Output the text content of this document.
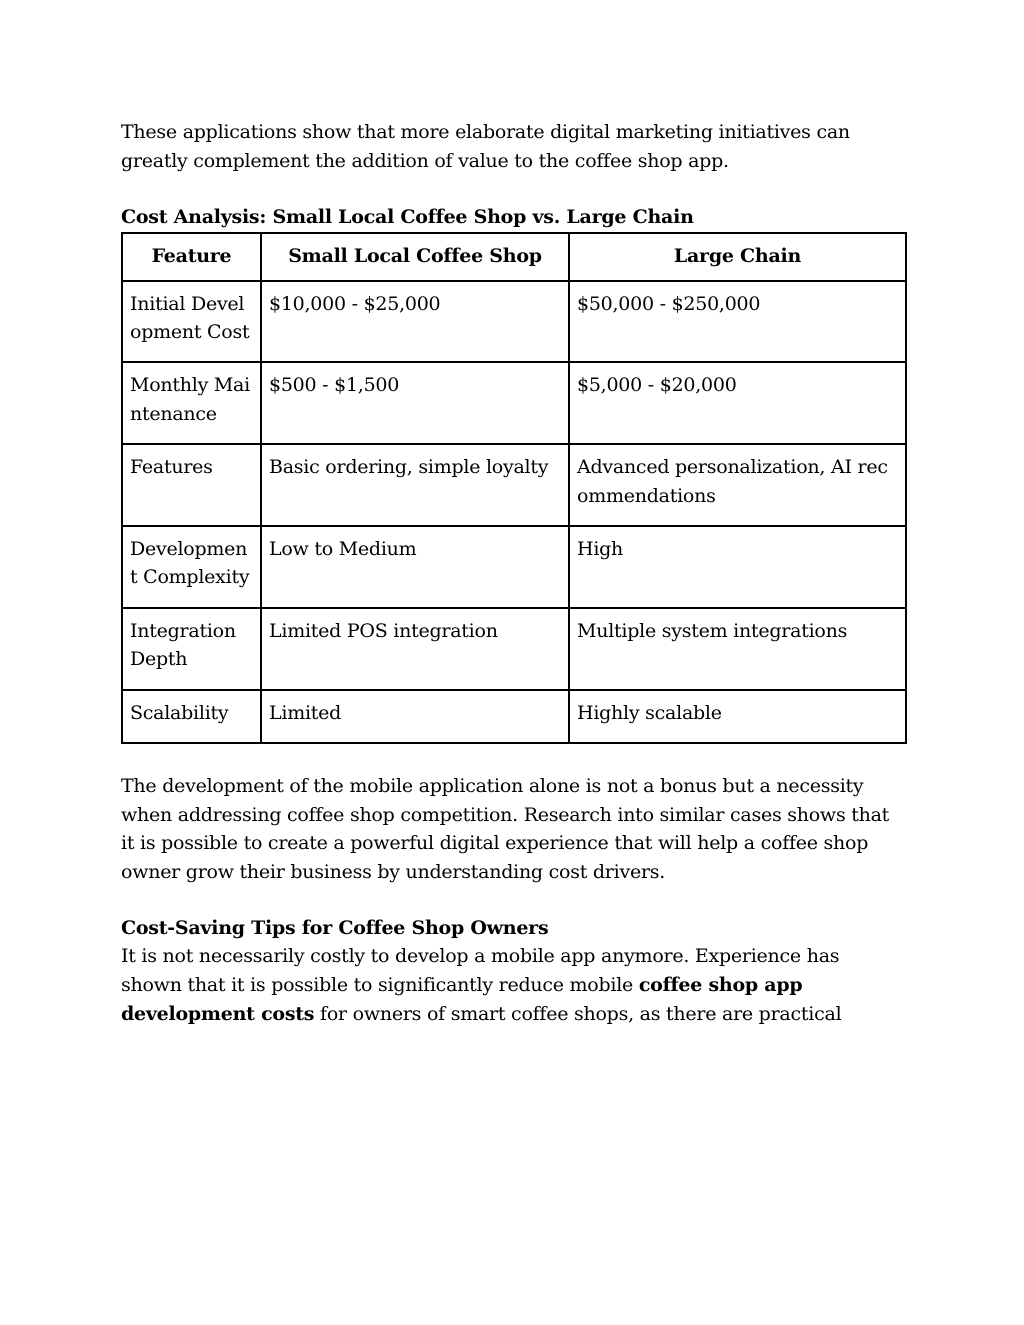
These applications show that more elaborate digital marketing initiatives can greatly complement the addition of value to the coffee shop app.

Cost Analysis: Small Local Coffee Shop vs. Large Chain
Feature	Small Local Coffee Shop	Large Chain
Initial Development Cost	$10,000 - $25,000	$50,000 - $250,000
Monthly Maintenance	$500 - $1,500	$5,000 - $20,000
Features	Basic ordering, simple loyalty	Advanced personalization, AI recommendations
Development Complexity	Low to Medium	High
Integration Depth	Limited POS integration	Multiple system integrations
Scalability	Limited	Highly scalable

The development of the mobile application alone is not a bonus but a necessity when addressing coffee shop competition. Research into similar cases shows that it is possible to create a powerful digital experience that will help a coffee shop owner grow their business by understanding cost drivers.

Cost-Saving Tips for Coffee Shop Owners

It is not necessarily costly to develop a mobile app anymore. Experience has shown that it is possible to significantly reduce mobile coffee shop app development costs for owners of smart coffee shops, as there are practical
